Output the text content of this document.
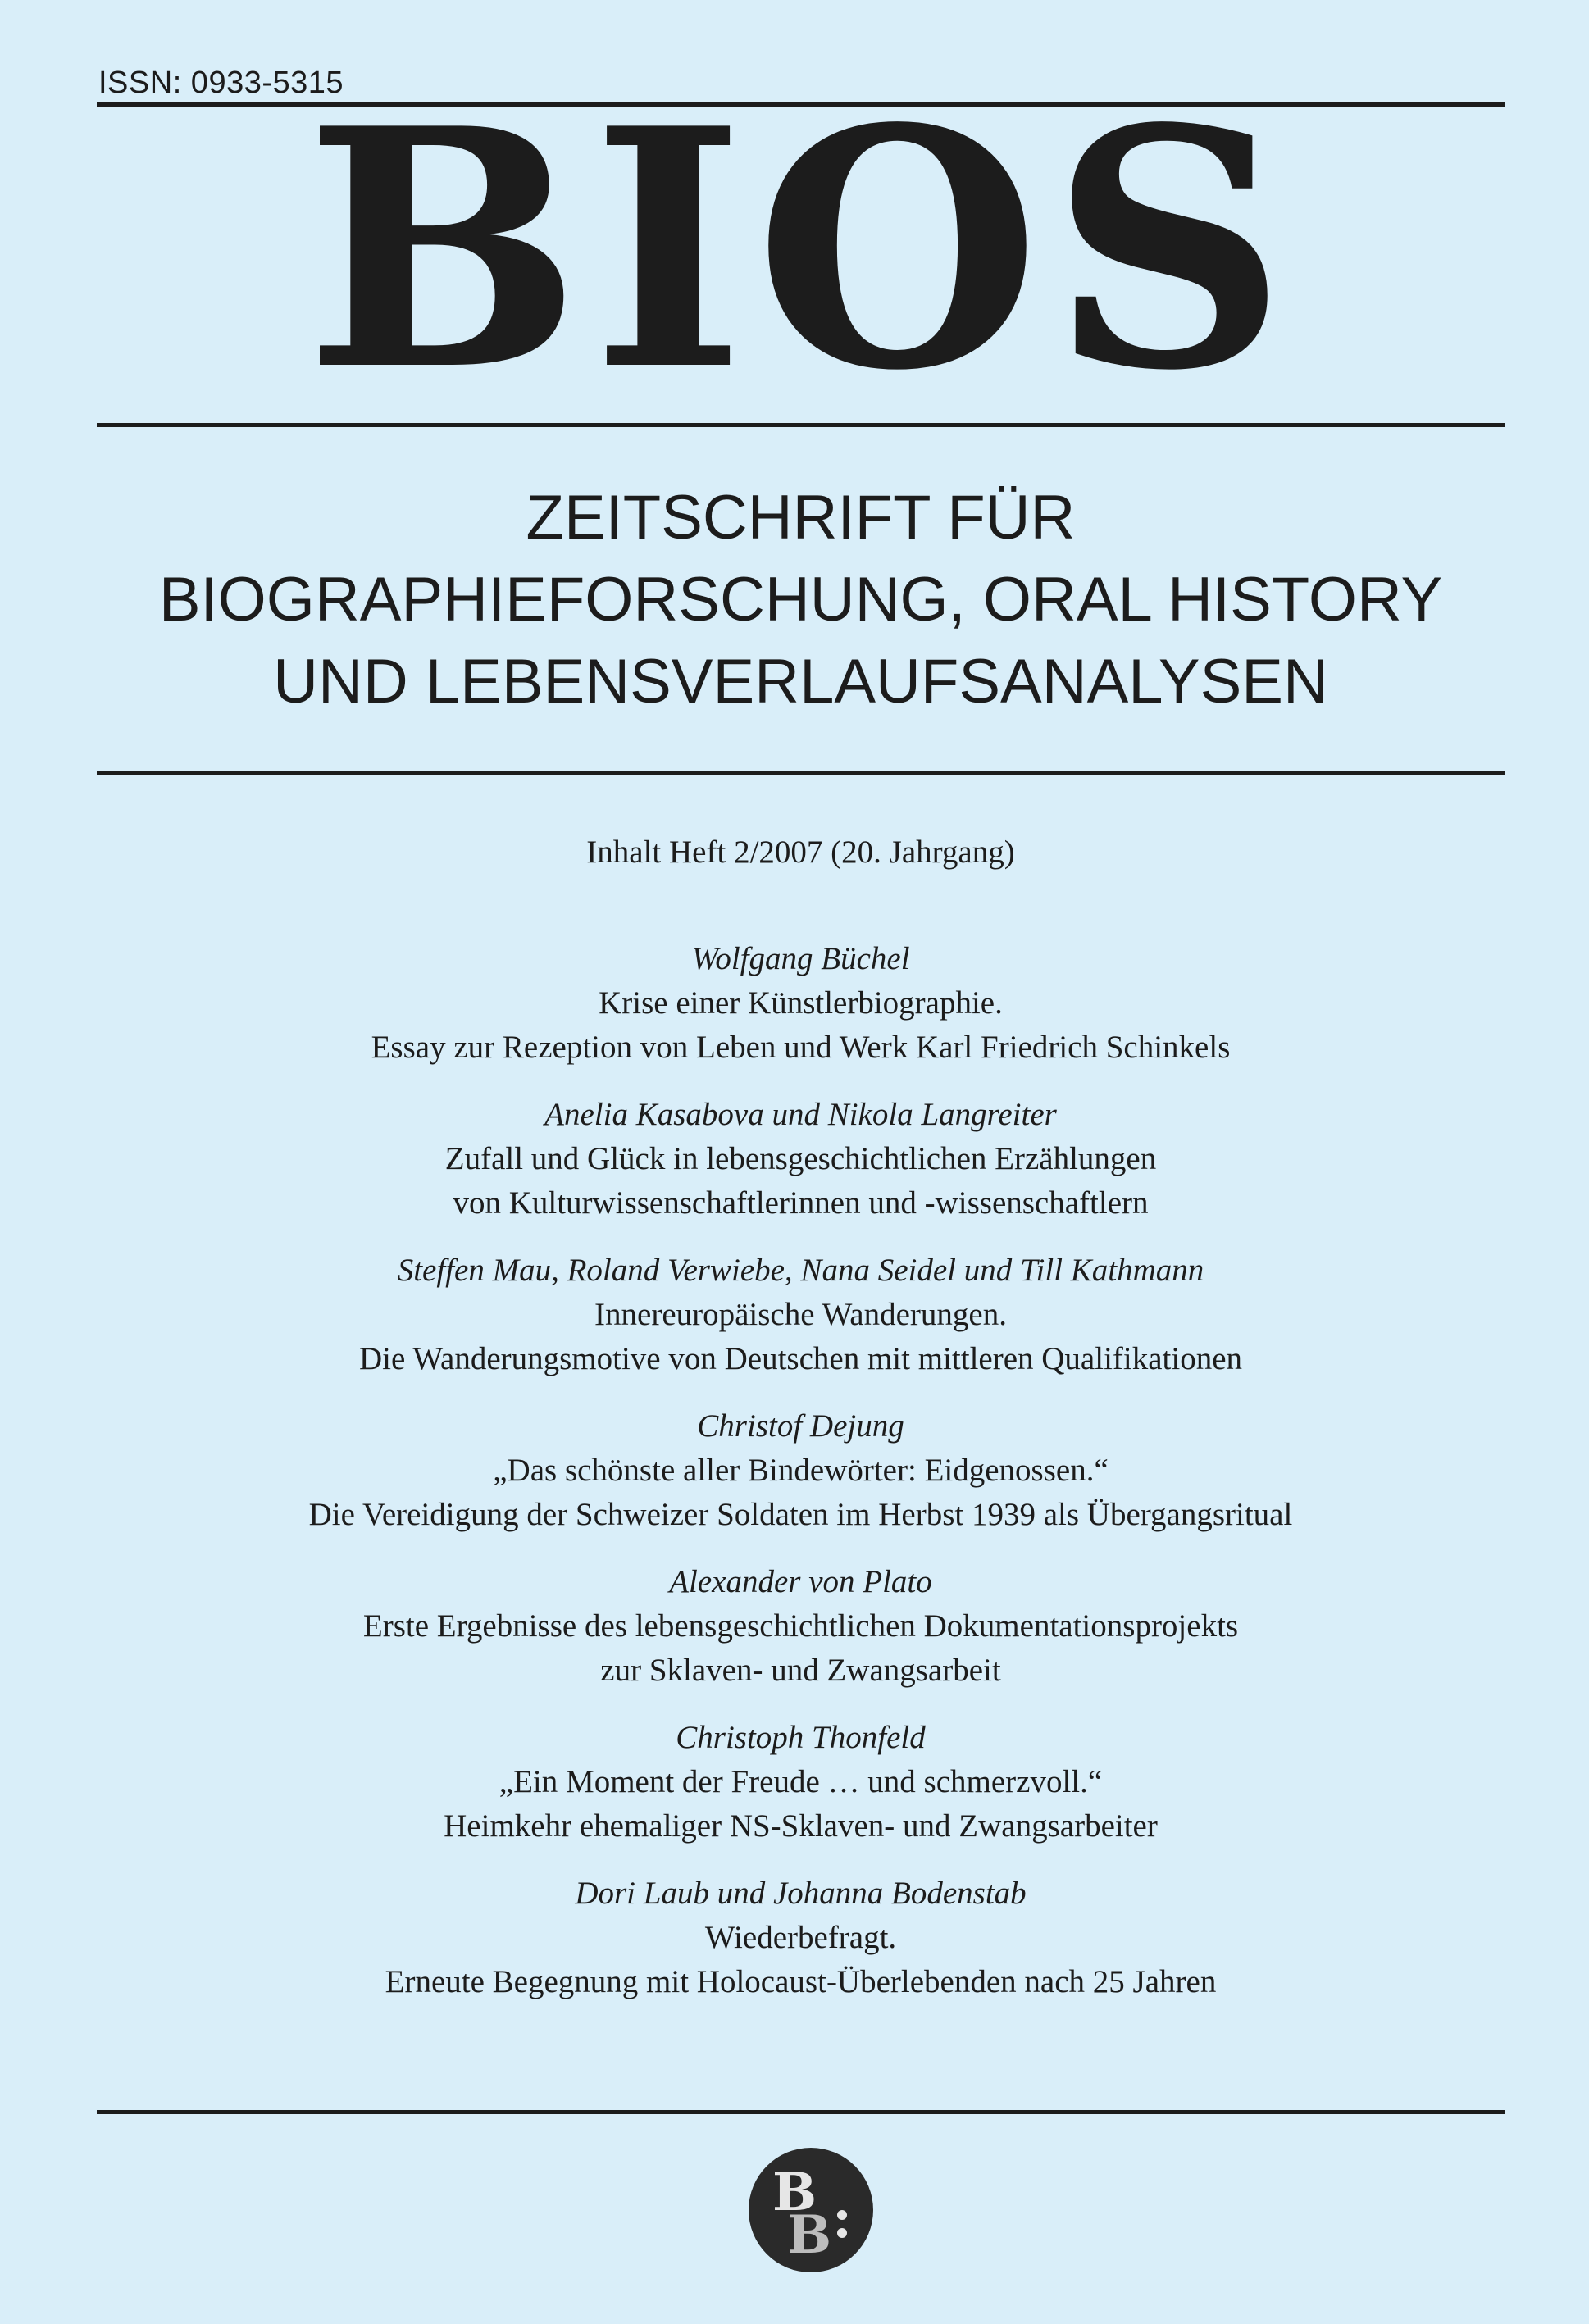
ISSN: 0933-5315
BIOS
ZEITSCHRIFT FÜR
BIOGRAPHIEFORSCHUNG, ORAL HISTORY
UND LEBENSVERLAUFSANALYSEN
Inhalt Heft 2/2007 (20. Jahrgang)
Wolfgang Büchel
Krise einer Künstlerbiographie.
Essay zur Rezeption von Leben und Werk Karl Friedrich Schinkels
Anelia Kasabova und Nikola Langreiter
Zufall und Glück in lebensgeschichtlichen Erzählungen
von Kulturwissenschaftlerinnen und -wissenschaftlern
Steffen Mau, Roland Verwiebe, Nana Seidel und Till Kathmann
Innereuropäische Wanderungen.
Die Wanderungsmotive von Deutschen mit mittleren Qualifikationen
Christof Dejung
„Das schönste aller Bindewörter: Eidgenossen.“
Die Vereidigung der Schweizer Soldaten im Herbst 1939 als Übergangsritual
Alexander von Plato
Erste Ergebnisse des lebensgeschichtlichen Dokumentationsprojekts
zur Sklaven- und Zwangsarbeit
Christoph Thonfeld
„Ein Moment der Freude … und schmerzvoll.“
Heimkehr ehemaliger NS-Sklaven- und Zwangsarbeiter
Dori Laub und Johanna Bodenstab
Wiederbefragt.
Erneute Begegnung mit Holocaust-Überlebenden nach 25 Jahren
B
B
